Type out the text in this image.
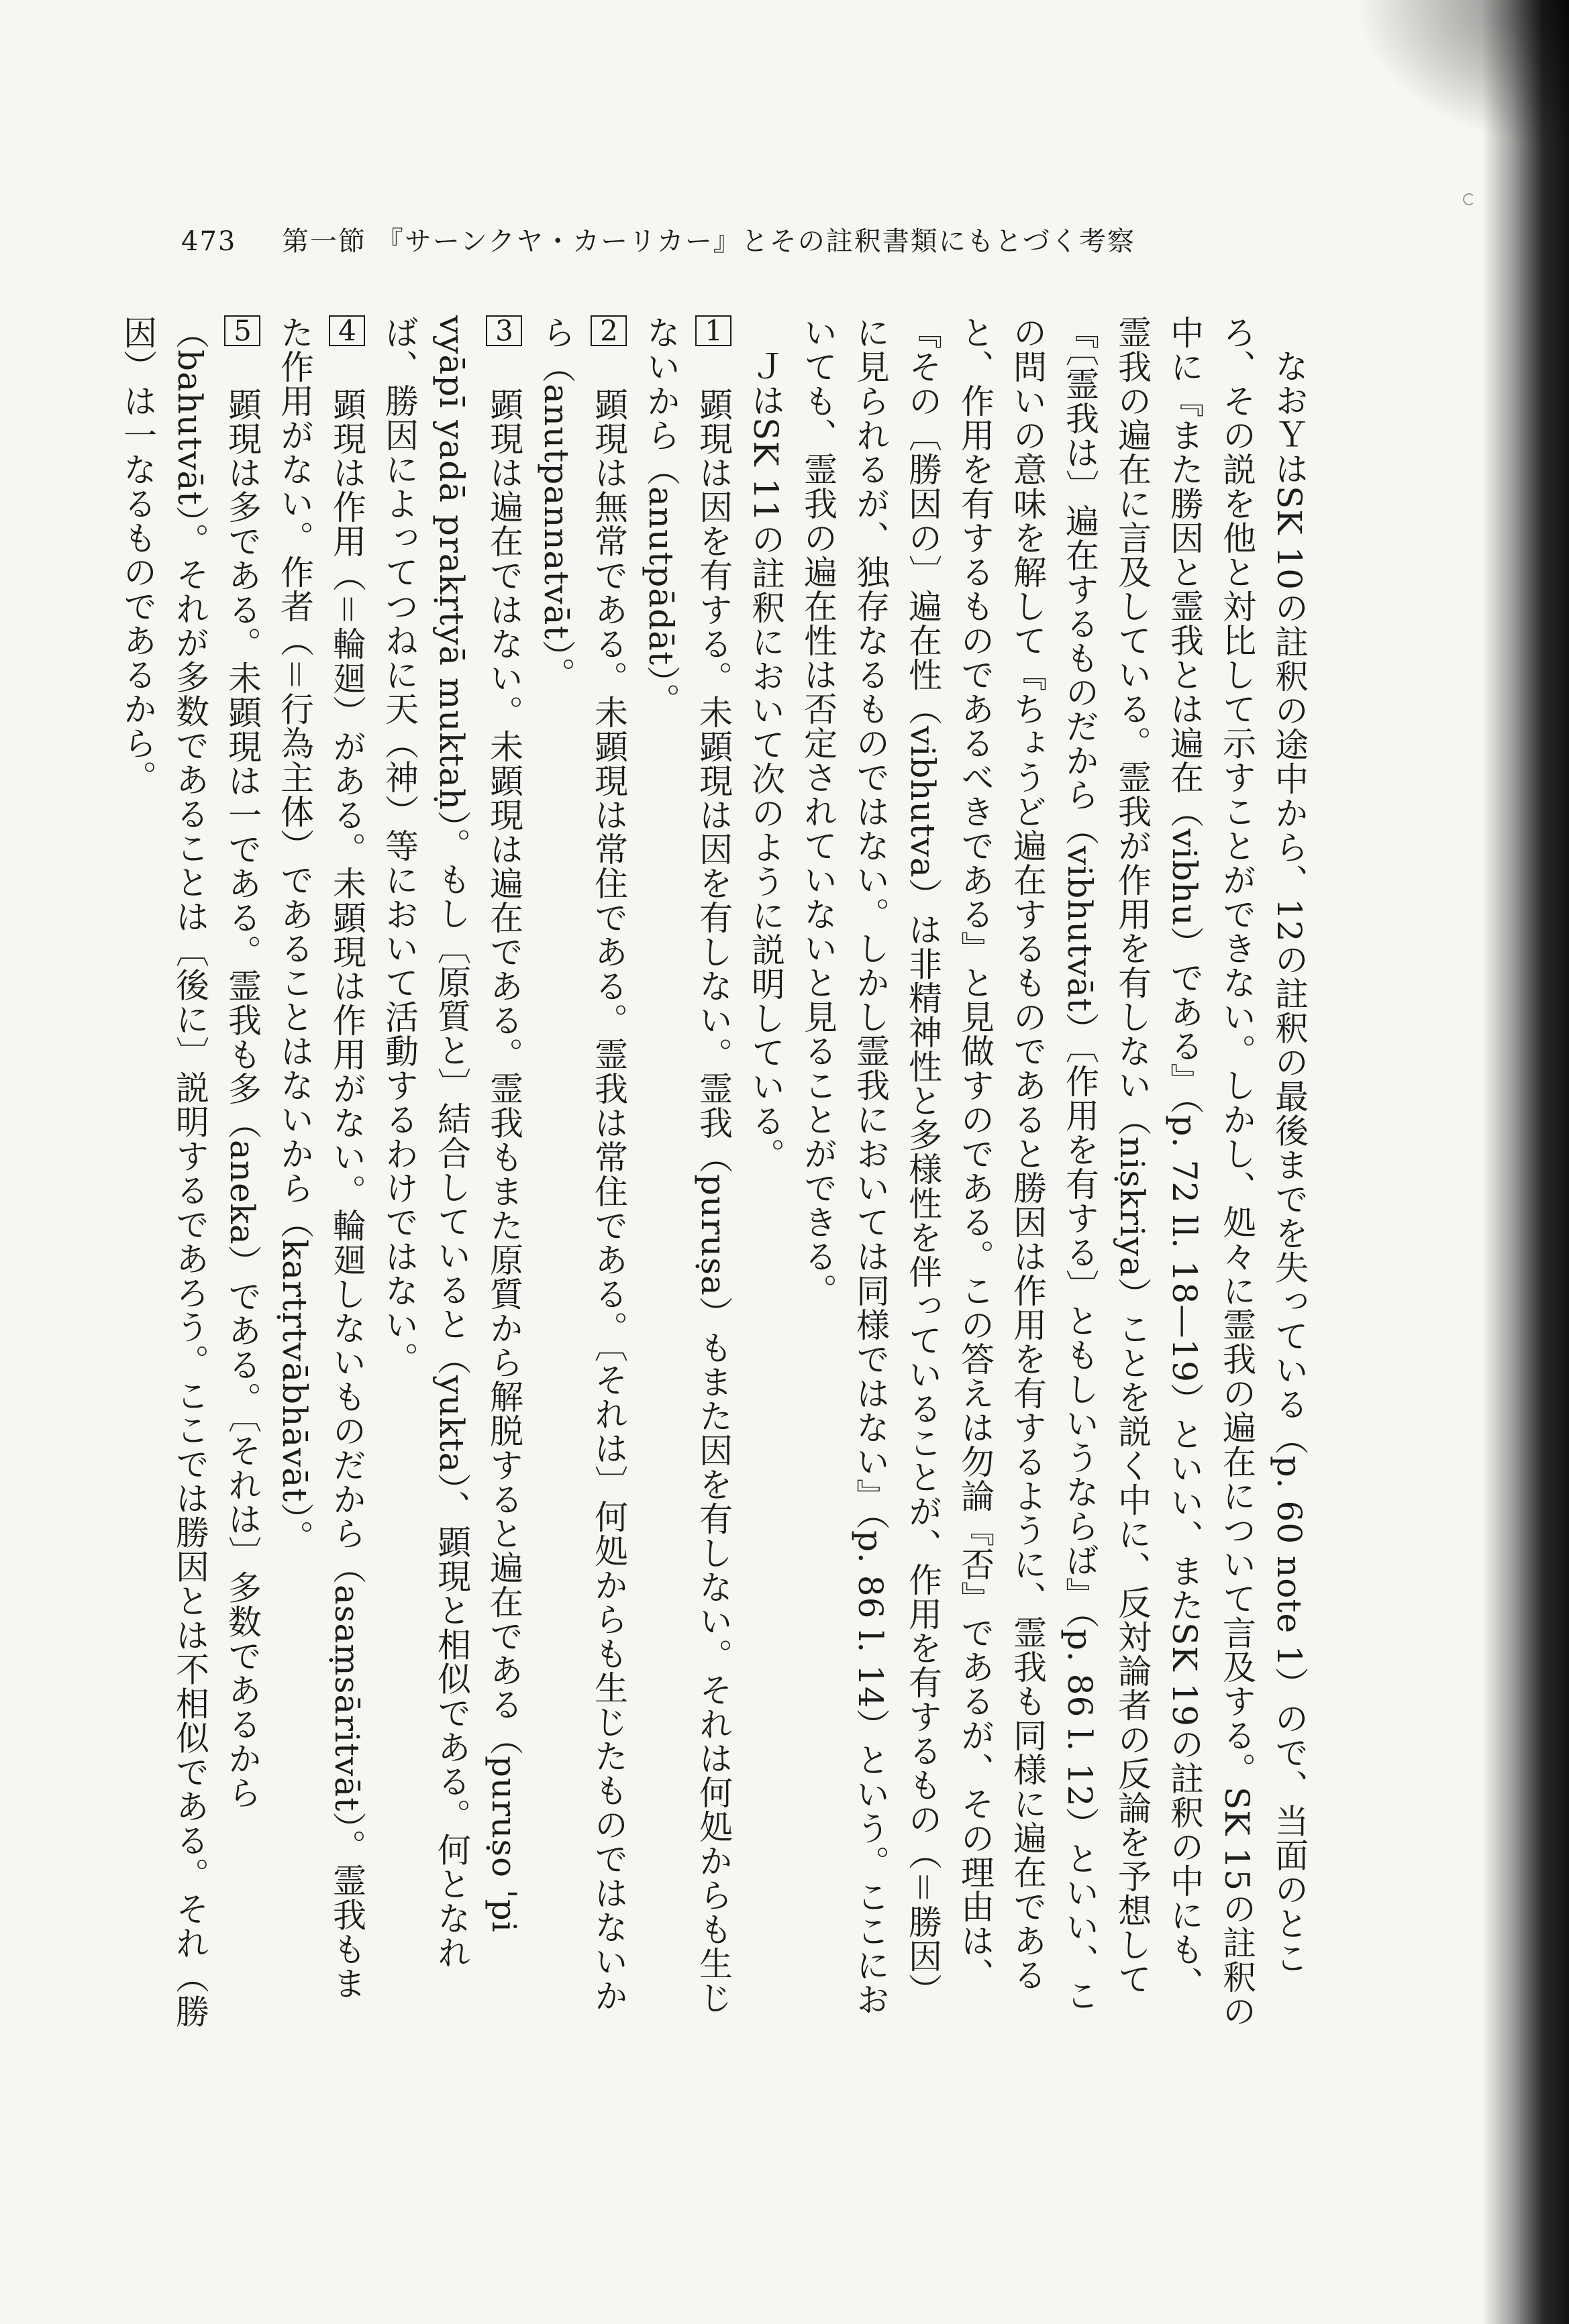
473 第一節 『サーンクヤ・カーリカー』とその註釈書類にもとづく考察

なおＹはSK 10の註釈の途中から、12の註釈の最後までを失っている（p. 60 note 1）ので、当面のところ、その説を他と対比して示すことができない。しかし、処々に霊我の遍在について言及する。SK 15の註釈の中に『また勝因と霊我とは遍在（vibhu）である』（p. 72 ll. 18—19）といい、またSK 19の註釈の中にも、霊我の遍在に言及している。霊我が作用を有しない（niṣkriya）ことを説く中に、反対論者の反論を予想して『〔霊我は〕遍在するものだから（vibhutvāt）〔作用を有する〕ともしいうならば』（p. 86 l. 12）といい、この問いの意味を解して『ちょうど遍在するものであると勝因は作用を有するように、霊我も同様に遍在であると、作用を有するものであるべきである』と見做すのである。この答えは勿論『否』であるが、その理由は、『その〔勝因の〕遍在性（vibhutva）は非精神性と多様性を伴っていることが、作用を有するもの（＝勝因）に見られるが、独存なるものではない。しかし霊我においては同様ではない』（p. 86 l. 14）という。ここにおいても、霊我の遍在性は否定されていないと見ることができる。

ＪはSK 11の註釈において次のように説明している。

1　顕現は因を有する。未顕現は因を有しない。霊我（puruṣa）もまた因を有しない。それは何処からも生じないから（anutpādāt）。

2　顕現は無常である。未顕現は常住である。霊我は常住である。〔それは〕何処からも生じたものではないから（anutpannatvāt）。

3　顕現は遍在ではない。未顕現は遍在である。霊我もまた原質から解脱すると遍在である（puruṣo 'pi vyāpī yadā prakṛtyā muktaḥ）。もし〔原質と〕結合していると（yukta）、顕現と相似である。何となれば、勝因によってつねに天（神）等において活動するわけではない。

4　顕現は作用（＝輪廻）がある。未顕現は作用がない。輪廻しないものだから（asaṃsāritvāt）。霊我もまた作用がない。作者（＝行為主体）であることはないから（kartṛtvābhāvāt）。

5　顕現は多である。未顕現は一である。霊我も多（aneka）である。〔それは〕多数であるから（bahutvāt）。それが多数であることは〔後に〕説明するであろう。ここでは勝因とは不相似である。それ（勝因）は一なるものであるから。
